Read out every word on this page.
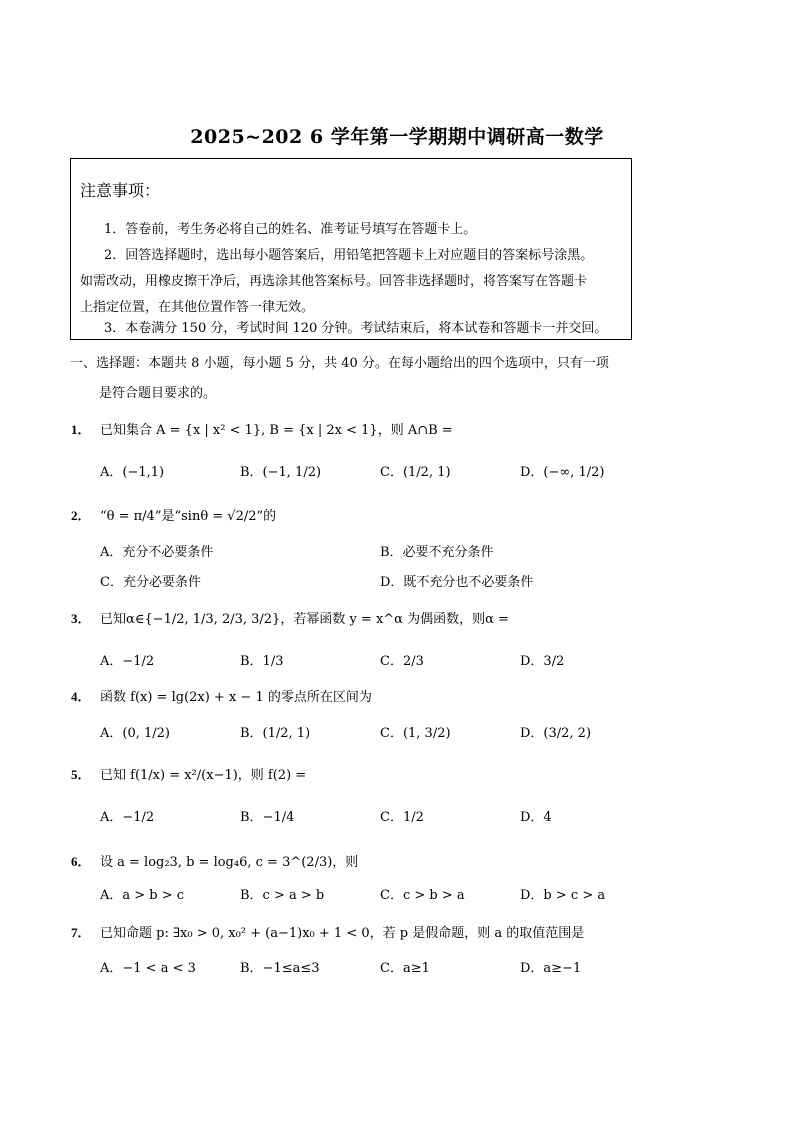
2025~202 6 学年第一学期期中调研高一数学
注意事项：
1．答卷前，考生务必将自己的姓名、准考证号填写在答题卡上。
2．回答选择题时，选出每小题答案后，用铅笔把答题卡上对应题目的答案标号涂黑。
如需改动，用橡皮擦干净后，再选涂其他答案标号。回答非选择题时，将答案写在答题卡
上指定位置，在其他位置作答一律无效。
3．本卷满分 150 分，考试时间 120 分钟。考试结束后，将本试卷和答题卡一并交回。
一、选择题：本题共 8 小题，每小题 5 分，共 40 分。在每小题给出的四个选项中，只有一项
是符合题目要求的。
1． 已知集合 A = {x | x² < 1}, B = {x | 2x < 1}，则 A∩B =
A．(−1,1)	B．(−1, 1/2)	C．(1/2, 1)	D．(−∞, 1/2)
2． “θ = π/4”是“sinθ = √2/2”的
A．充分不必要条件	B．必要不充分条件
C．充分必要条件	D．既不充分也不必要条件
3． 已知α∈{−1/2, 1/3, 2/3, 3/2}，若幂函数 y = x^α 为偶函数，则α =
A．−1/2	B．1/3	C．2/3	D．3/2
4． 函数 f(x) = lg(2x) + x − 1 的零点所在区间为
A．(0, 1/2)	B．(1/2, 1)	C．(1, 3/2)	D．(3/2, 2)
5． 已知 f(1/x) = x²/(x−1)，则 f(2) =
A．−1/2	B．−1/4	C．1/2	D．4
6． 设 a = log₂3, b = log₄6, c = 3^(2/3)，则
A．a > b > c	B．c > a > b	C．c > b > a	D．b > c > a
7． 已知命题 p: ∃x₀ > 0, x₀² + (a−1)x₀ + 1 < 0，若 p 是假命题，则 a 的取值范围是
A．−1 < a < 3	B．−1≤a≤3	C．a≥1	D．a≥−1
